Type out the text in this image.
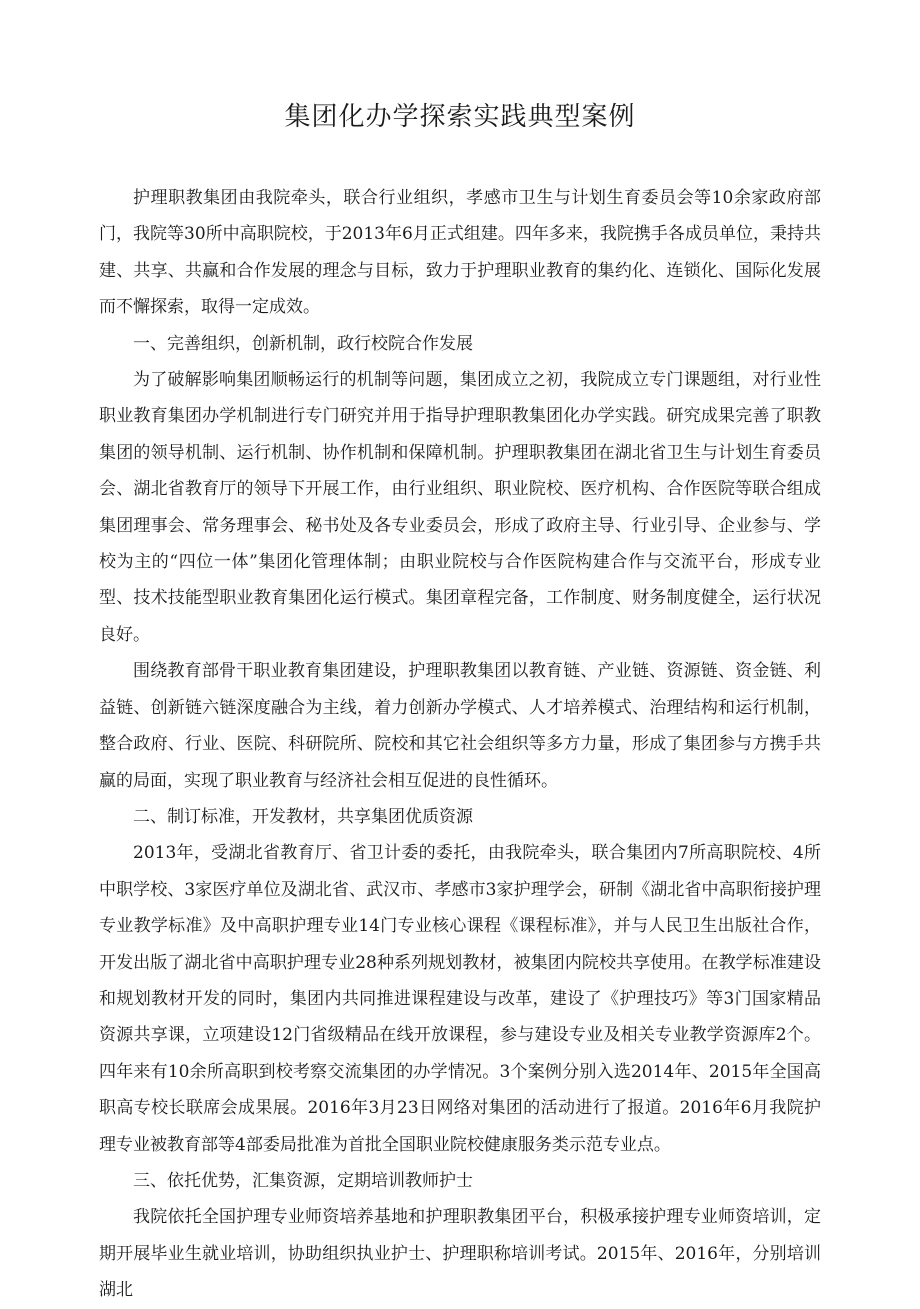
集团化办学探索实践典型案例

护理职教集团由我院牵头，联合行业组织，孝感市卫生与计划生育委员会等10余家政府部门，我院等30所中高职院校，于2013年6月正式组建。四年多来，我院携手各成员单位，秉持共建、共享、共赢和合作发展的理念与目标，致力于护理职业教育的集约化、连锁化、国际化发展而不懈探索，取得一定成效。

一、完善组织，创新机制，政行校院合作发展

为了破解影响集团顺畅运行的机制等问题，集团成立之初，我院成立专门课题组，对行业性职业教育集团办学机制进行专门研究并用于指导护理职教集团化办学实践。研究成果完善了职教集团的领导机制、运行机制、协作机制和保障机制。护理职教集团在湖北省卫生与计划生育委员会、湖北省教育厅的领导下开展工作，由行业组织、职业院校、医疗机构、合作医院等联合组成集团理事会、常务理事会、秘书处及各专业委员会，形成了政府主导、行业引导、企业参与、学校为主的“四位一体”集团化管理体制；由职业院校与合作医院构建合作与交流平台，形成专业型、技术技能型职业教育集团化运行模式。集团章程完备，工作制度、财务制度健全，运行状况良好。

围绕教育部骨干职业教育集团建设，护理职教集团以教育链、产业链、资源链、资金链、利益链、创新链六链深度融合为主线，着力创新办学模式、人才培养模式、治理结构和运行机制，整合政府、行业、医院、科研院所、院校和其它社会组织等多方力量，形成了集团参与方携手共赢的局面，实现了职业教育与经济社会相互促进的良性循环。

二、制订标准，开发教材，共享集团优质资源

2013年，受湖北省教育厅、省卫计委的委托，由我院牵头，联合集团内7所高职院校、4所中职学校、3家医疗单位及湖北省、武汉市、孝感市3家护理学会，研制《湖北省中高职衔接护理专业教学标准》及中高职护理专业14门专业核心课程《课程标准》，并与人民卫生出版社合作，开发出版了湖北省中高职护理专业28种系列规划教材，被集团内院校共享使用。在教学标准建设和规划教材开发的同时，集团内共同推进课程建设与改革，建设了《护理技巧》等3门国家精品资源共享课，立项建设12门省级精品在线开放课程，参与建设专业及相关专业教学资源库2个。四年来有10余所高职到校考察交流集团的办学情况。3个案例分别入选2014年、2015年全国高职高专校长联席会成果展。2016年3月23日网络对集团的活动进行了报道。2016年6月我院护理专业被教育部等4部委局批准为首批全国职业院校健康服务类示范专业点。

三、依托优势，汇集资源，定期培训教师护士

我院依托全国护理专业师资培养基地和护理职教集团平台，积极承接护理专业师资培训，定期开展毕业生就业培训，协助组织执业护士、护理职称培训考试。2015年、2016年，分别培训湖北
